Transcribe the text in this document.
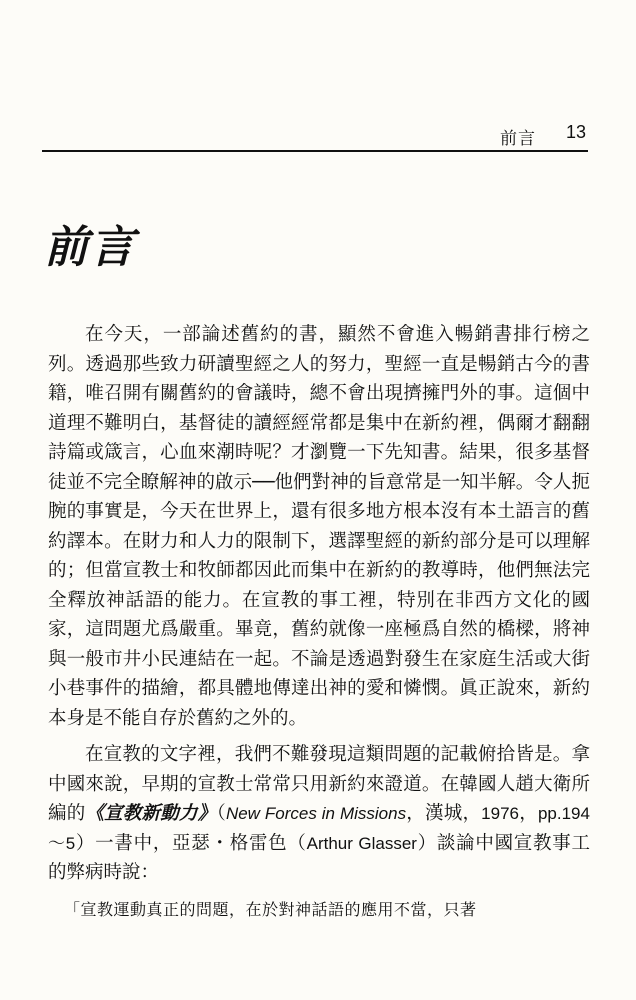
前言 13
前言

在今天，一部論述舊約的書，顯然不會進入暢銷書排行榜之列。透過那些致力研讀聖經之人的努力，聖經一直是暢銷古今的書籍，唯召開有關舊約的會議時，總不會出現擠擁門外的事。這個中道理不難明白，基督徒的讀經經常都是集中在新約裡，偶爾才翻翻詩篇或箴言，心血來潮時呢？才瀏覽一下先知書。結果，很多基督徒並不完全瞭解神的啟示──他們對神的旨意常是一知半解。令人扼腕的事實是，今天在世界上，還有很多地方根本沒有本土語言的舊約譯本。在財力和人力的限制下，選譯聖經的新約部分是可以理解的；但當宣教士和牧師都因此而集中在新約的教導時，他們無法完全釋放神話語的能力。在宣教的事工裡，特別在非西方文化的國家，這問題尤爲嚴重。畢竟，舊約就像一座極爲自然的橋樑，將神與一般市井小民連結在一起。不論是透過對發生在家庭生活或大街小巷事件的描繪，都具體地傳達出神的愛和憐憫。眞正說來，新約本身是不能自存於舊約之外的。

在宣教的文字裡，我們不難發現這類問題的記載俯拾皆是。拿中國來說，早期的宣教士常常只用新約來證道。在韓國人趙大衛所編的《宣教新動力》（New Forces in Missions，漢城，1976，pp.194～5）一書中，亞瑟・格雷色（Arthur Glasser）談論中國宣教事工的弊病時說：

「宣教運動真正的問題，在於對神話語的應用不當，只著
